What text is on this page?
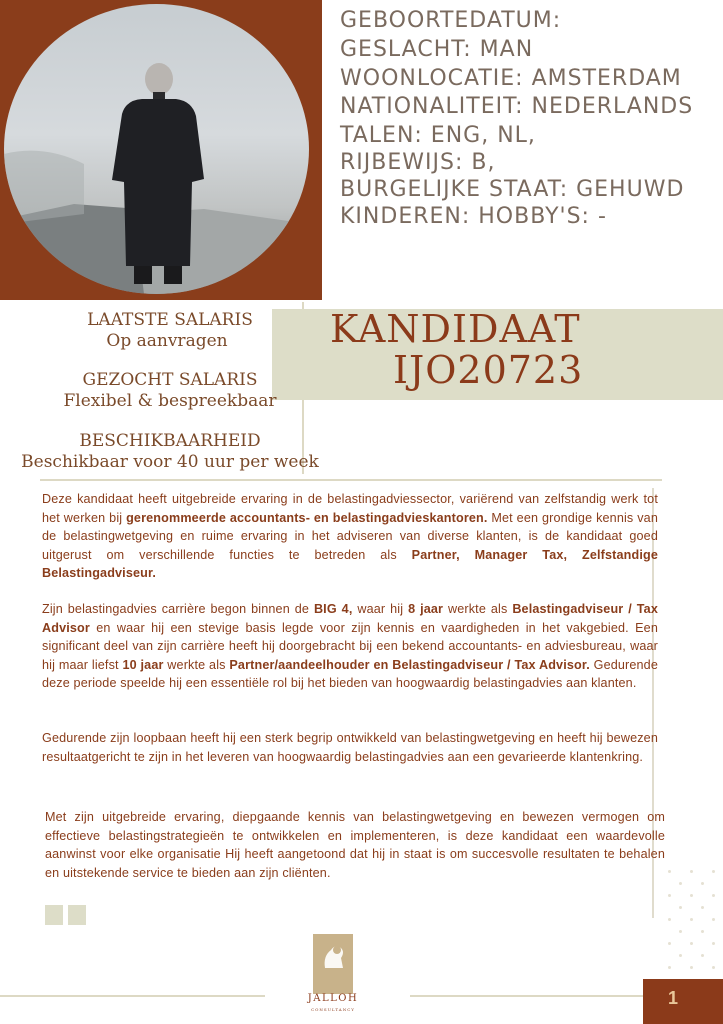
GEBOORTEDATUM:
GESLACHT: MAN
WOONLOCATIE: AMSTERDAM
NATIONALITEIT: NEDERLANDS
TALEN: ENG, NL,
RIJBEWIJS: B,
BURGELIJKE STAAT: GEHUWD
KINDEREN: HOBBY'S: -
KANDIDAAT
IJO20723
LAATSTE SALARIS
Op aanvragen
GEZOCHT SALARIS
Flexibel & bespreekbaar
BESCHIKBAARHEID
Beschikbaar voor 40 uur per week
Deze kandidaat heeft uitgebreide ervaring in de belastingadviessector, variërend van zelfstandig werk tot het werken bij gerenommeerde accountants- en belastingadvieskantoren. Met een grondige kennis van de belastingwetgeving en ruime ervaring in het adviseren van diverse klanten, is de kandidaat goed uitgerust om verschillende functies te betreden als Partner, Manager Tax, Zelfstandige Belastingadviseur.
Zijn belastingadvies carrière begon binnen de BIG 4, waar hij 8 jaar werkte als Belastingadviseur / Tax Advisor en waar hij een stevige basis legde voor zijn kennis en vaardigheden in het vakgebied. Een significant deel van zijn carrière heeft hij doorgebracht bij een bekend accountants- en adviesbureau, waar hij maar liefst 10 jaar werkte als Partner/aandeelhouder en Belastingadviseur / Tax Advisor. Gedurende deze periode speelde hij een essentiële rol bij het bieden van hoogwaardig belastingadvies aan klanten.
Gedurende zijn loopbaan heeft hij een sterk begrip ontwikkeld van belastingwetgeving en heeft hij bewezen resultaatgericht te zijn in het leveren van hoogwaardig belastingadvies aan een gevarieerde klantenkring.
Met zijn uitgebreide ervaring, diepgaande kennis van belastingwetgeving en bewezen vermogen om effectieve belastingstrategieën te ontwikkelen en implementeren, is deze kandidaat een waardevolle aanwinst voor elke organisatie Hij heeft aangetoond dat hij in staat is om succesvolle resultaten te behalen en uitstekende service te bieden aan zijn cliënten.
JALLOH
CONSULTANCY
1
